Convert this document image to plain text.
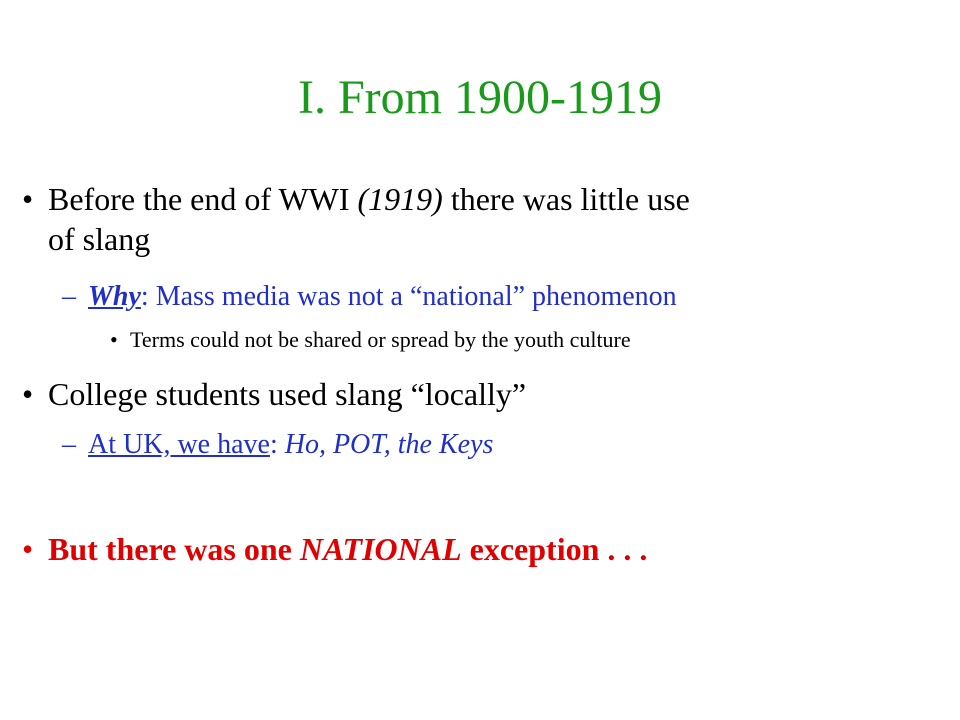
I. From 1900-1919
• Before the end of WWI (1919) there was little use
of slang
– Why: Mass media was not a “national” phenomenon
• Terms could not be shared or spread by the youth culture
• College students used slang “locally”
– At UK, we have: Ho, POT, the Keys
• But there was one NATIONAL exception . . .
